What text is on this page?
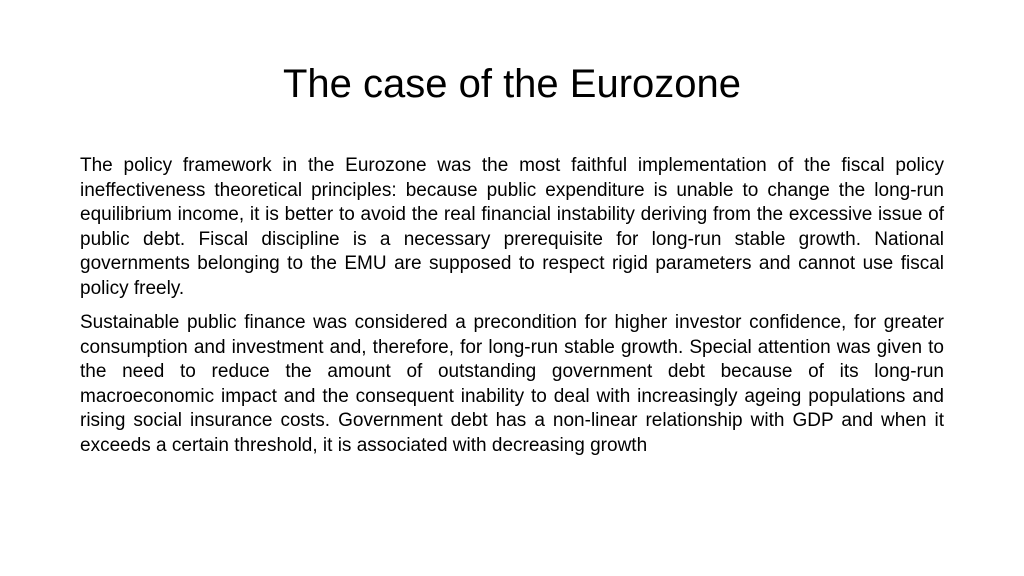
The case of the Eurozone

The policy framework in the Eurozone was the most faithful implementation of the fiscal policy ineffectiveness theoretical principles: because public expenditure is unable to change the long-run equilibrium income, it is better to avoid the real financial instability deriving from the excessive issue of public debt. Fiscal discipline is a necessary prerequisite for long-run stable growth. National governments belonging to the EMU are supposed to respect rigid parameters and cannot use fiscal policy freely.

Sustainable public finance was considered a precondition for higher investor confidence, for greater consumption and investment and, therefore, for long-run stable growth. Special attention was given to the need to reduce the amount of outstanding government debt because of its long-run macroeconomic impact and the consequent inability to deal with increasingly ageing populations and rising social insurance costs. Government debt has a non-linear relationship with GDP and when it exceeds a certain threshold, it is associated with decreasing growth
